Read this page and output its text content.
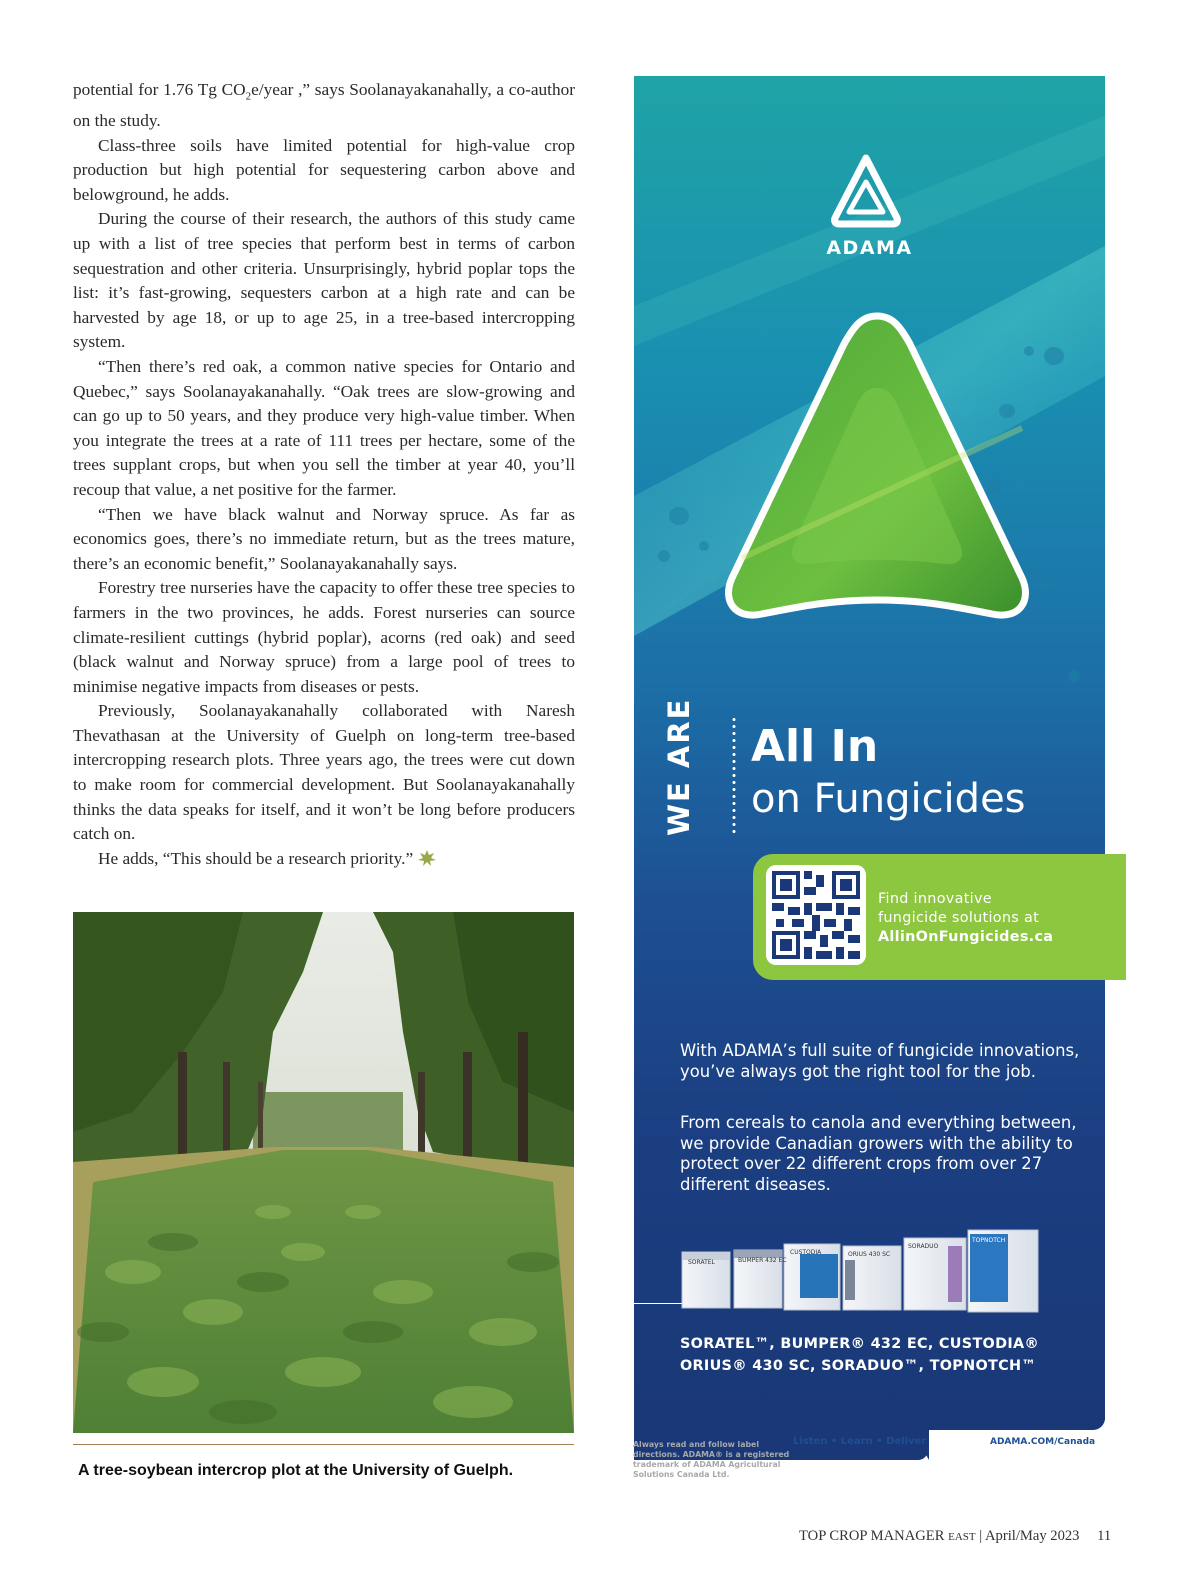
potential for 1.76 Tg $CO_2e$/year ,” says Soolanayakanahally, a co-author on the study.

Class-three soils have limited potential for high-value crop production but high potential for sequestering carbon above and belowground, he adds.

During the course of their research, the authors of this study came up with a list of tree species that perform best in terms of carbon sequestration and other criteria. Unsurprisingly, hybrid poplar tops the list: it’s fast-growing, sequesters carbon at a high rate and can be harvested by age 18, or up to age 25, in a tree-based intercropping system.

“Then there’s red oak, a common native species for Ontario and Quebec,” says Soolanayakanahally. “Oak trees are slow-growing and can go up to 50 years, and they produce very high-value timber. When you integrate the trees at a rate of 111 trees per hectare, some of the trees supplant crops, but when you sell the timber at year 40, you’ll recoup that value, a net positive for the farmer.

“Then we have black walnut and Norway spruce. As far as economics goes, there’s no immediate return, but as the trees mature, there’s an economic benefit,” Soolanayakanahally says.

Forestry tree nurseries have the capacity to offer these tree species to farmers in the two provinces, he adds. Forest nurseries can source climate-resilient cuttings (hybrid poplar), acorns (red oak) and seed (black walnut and Norway spruce) from a large pool of trees to minimise negative impacts from diseases or pests.

Previously, Soolanayakanahally collaborated with Naresh Thevathasan at the University of Guelph on long-term tree-based intercropping research plots. Three years ago, the trees were cut down to make room for commercial development. But Soolanayakanahally thinks the data speaks for itself, and it won’t be long before producers catch on.

He adds, “This should be a research priority.”

A tree-soybean intercrop plot at the University of Guelph.
ADAMA
WE ARE All In
on Fungicides
Find innovative
fungicide solutions at
AllinOnFungicides.ca
With ADAMA’s full suite of fungicide innovations, you’ve always got the right tool for the job.
From cereals to canola and everything between, we provide Canadian growers with the ability to protect over 22 different crops from over 27 different diseases.
SORATEL	BUMPER 432 EC
CUSTODIA	ORIUS 430 SC
SORADUO
TOPNOTCH
SORATEL™, BUMPER® 432 EC, CUSTODIA®
ORIUS® 430 SC, SORADUO™, TOPNOTCH™
Always read and follow label directions. ADAMA® is a registered trademark of ADAMA Agricultural Solutions Canada Ltd.
Listen • Learn • Deliver	ADAMA.COM/Canada
TOP CROP MANAGER EAST | April/May 2023 11
